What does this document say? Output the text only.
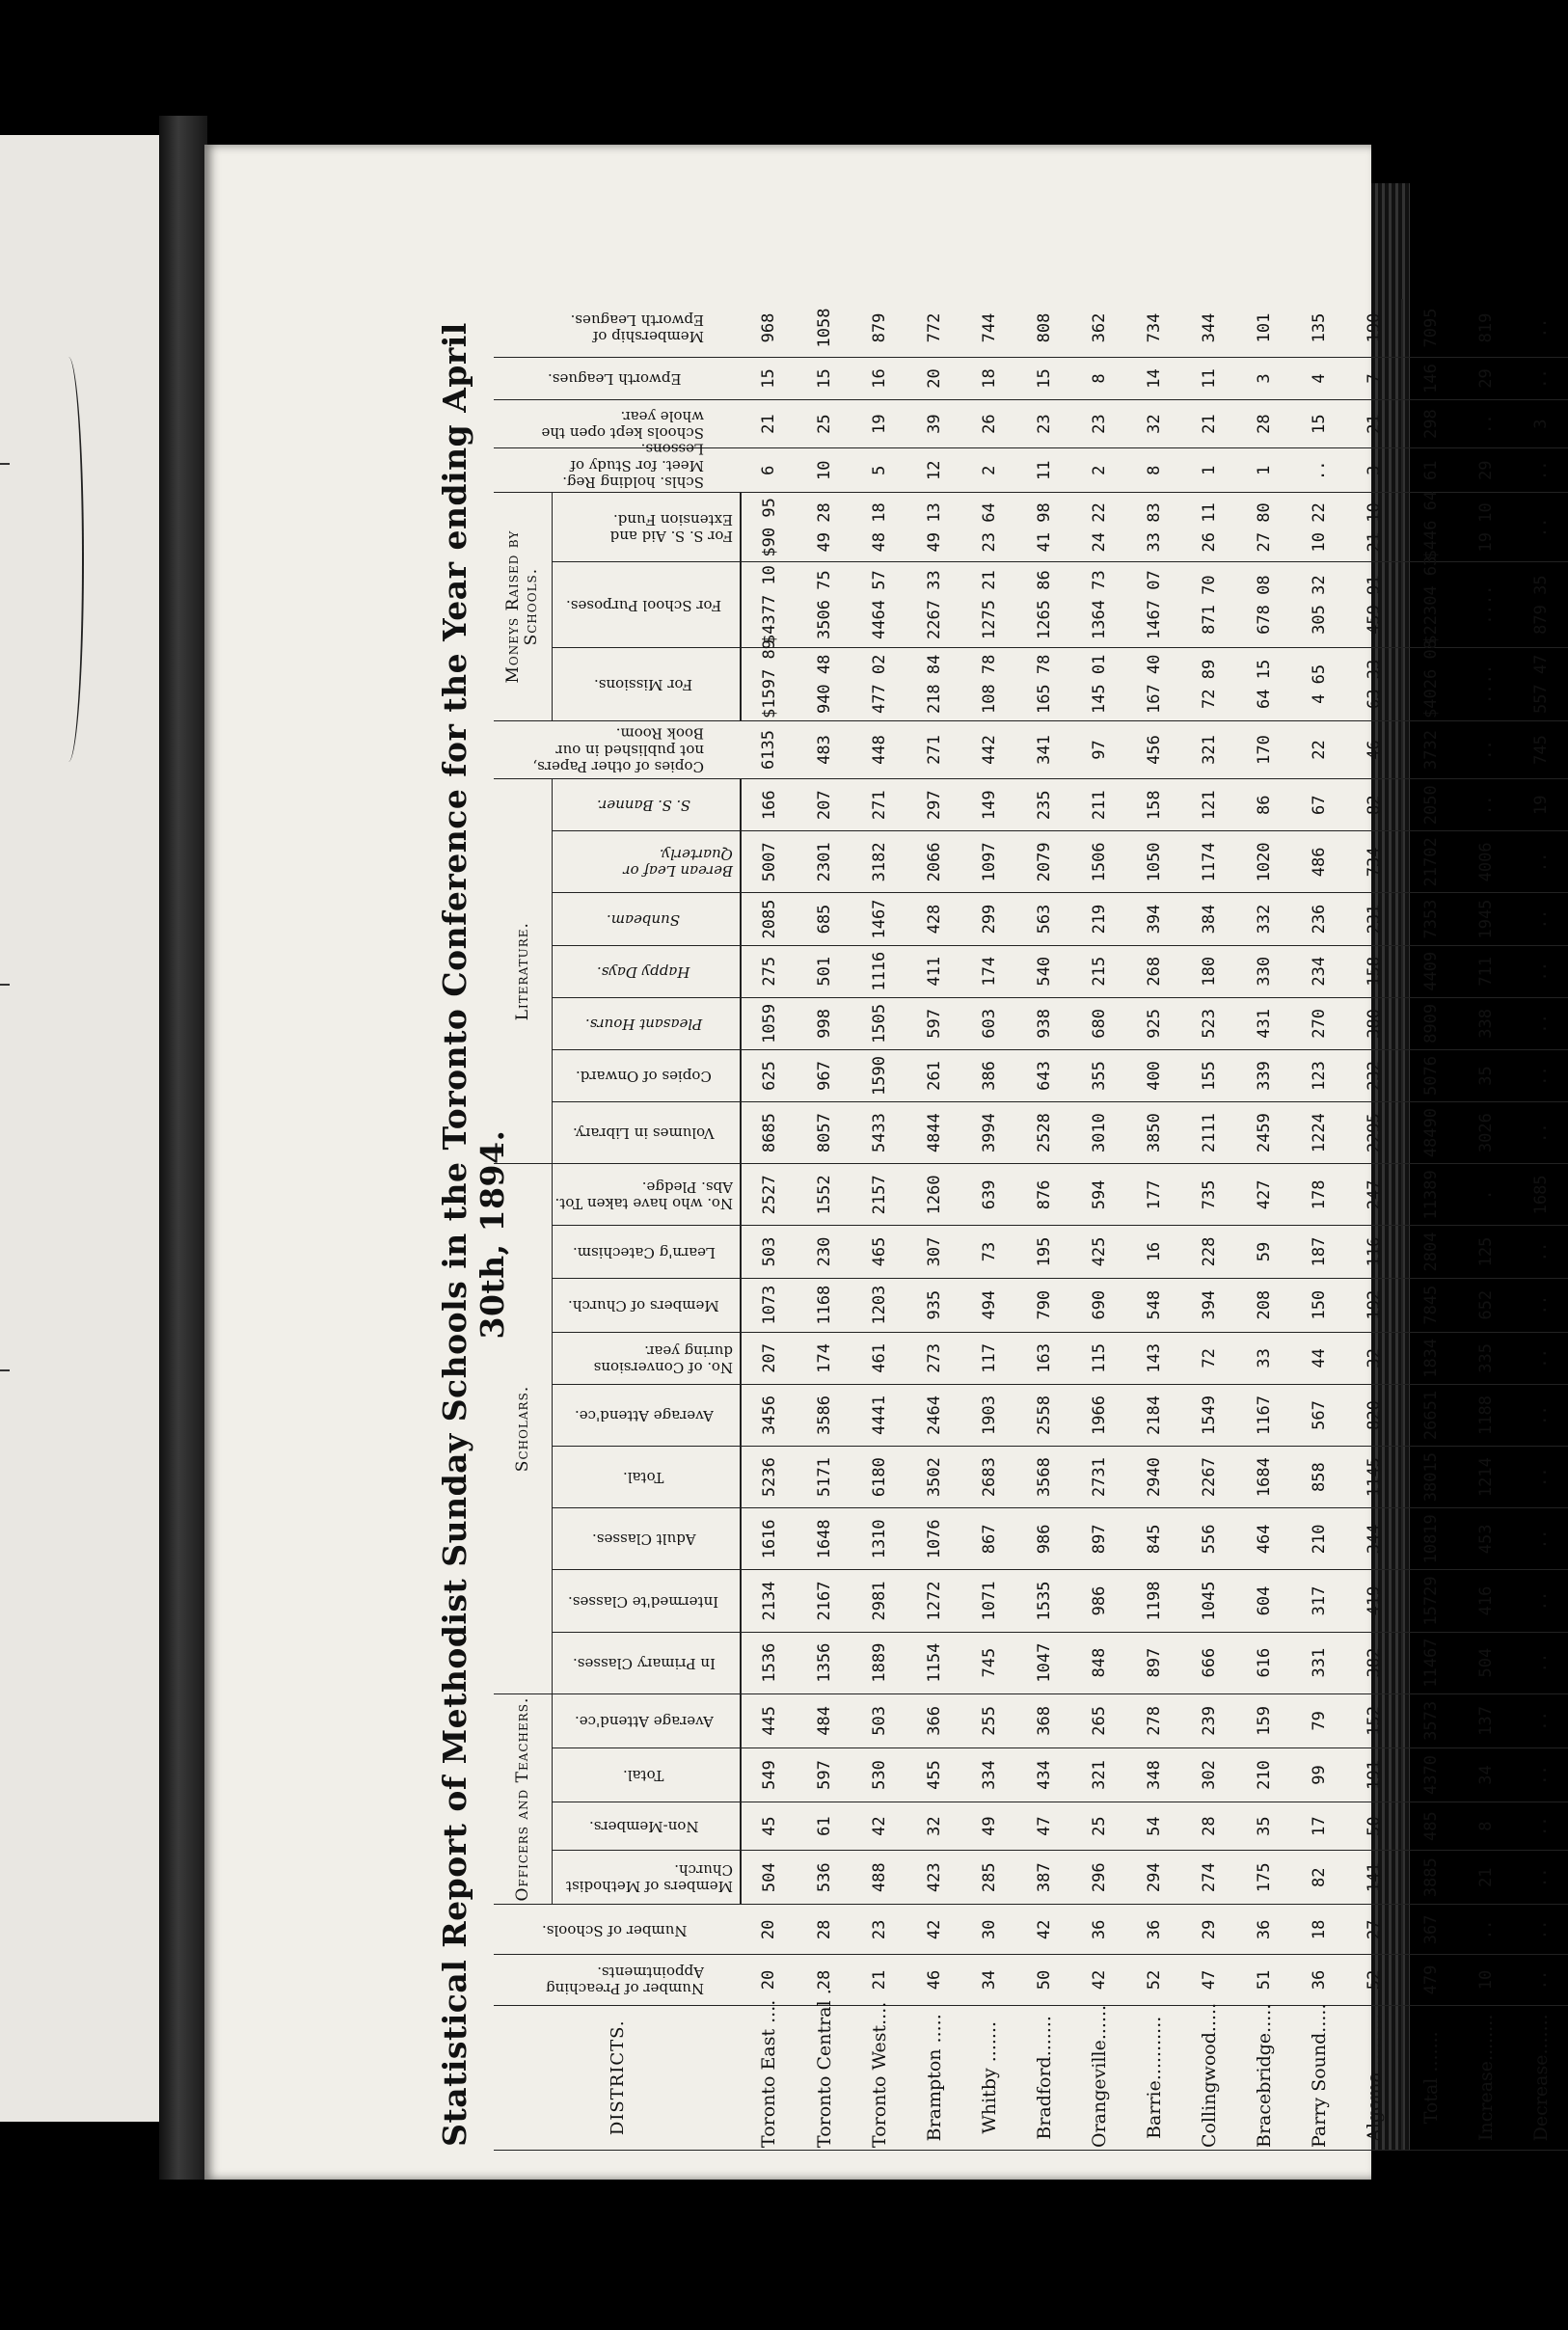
Statistical Report of Methodist Sunday Schools in the Toronto Conference for the Year ending April 30th, 1894.
DISTRICTS.	Number of Preaching Appointments.	Number of Schools.	Officers and Teachers.				Scholars.									Literature.							Copies of other Papers, not published in our Book Room.	Moneys Raised by Schools.			Schls. holding Reg. Meet. for Study of Lessons.	Schools kept open the whole year.	Epworth Leagues.	Membership of Epworth Leagues.
			Members of Methodist Church.	Non-Members.	Total.	Average Attend'ce.	In Primary Classes.	Intermed'te Classes.	Adult Classes.	Total.	Average Attend'ce.	No. of Conversions during year.	Members of Church.	Learn'g Catechism.	No. who have taken Tot. Abs. Pledge.	Volumes in Library.	Copies of Onward.	Pleasant Hours.	Happy Days.	Sunbeam.	Berean Leaf or Quarterly.	S. S. Banner.		For Missions.	For School Purposes.	For S. S. Aid and Extension Fund.				
Toronto East ....	20	20	504	45	549	445	1536	2134	1616	5236	3456	207	1073	503	2527	8685	625	1059	275	2085	5007	166	6135	$1597 89	$4377 10	$90 95	6	21	15	968
Toronto Central .	28	28	536	61	597	484	1356	2167	1648	5171	3586	174	1168	230	1552	8057	967	998	501	685	2301	207	483	940 48	3506 75	49 28	10	25	15	1058
Toronto West....	21	23	488	42	530	503	1889	2981	1310	6180	4441	461	1203	465	2157	5433	1590	1505	1116	1467	3182	271	448	477 02	4464 57	48 18	5	19	16	879
Brampton .....	46	42	423	32	455	366	1154	1272	1076	3502	2464	273	935	307	1260	4844	261	597	411	428	2066	297	271	218 84	2267 33	49 13	12	39	20	772
Whitby .......	34	30	285	49	334	255	745	1071	867	2683	1903	117	494	73	639	3994	386	603	174	299	1097	149	442	108 78	1275 21	23 64	2	26	18	744
Bradford.......	50	42	387	47	434	368	1047	1535	986	3568	2558	163	790	195	876	2528	643	938	540	563	2079	235	341	165 78	1265 86	41 98	11	23	15	808
Orangeville......	42	36	296	25	321	265	848	986	897	2731	1966	115	690	425	594	3010	355	680	215	219	1506	211	97	145 01	1364 73	24 22	2	23	8	362
Barrie...........	52	36	294	54	348	278	897	1198	845	2940	2184	143	548	16	177	3850	400	925	268	394	1050	158	456	167 40	1467 07	33 83	8	32	14	734
Collingwood.....	47	29	274	28	302	239	666	1045	556	2267	1549	72	394	228	735	2111	155	523	180	384	1174	121	321	72 89	871 70	26 11	1	21	11	344
Bracebridge.....	51	36	175	35	210	159	616	604	464	1684	1167	33	208	59	427	2459	339	431	330	332	1020	86	170	64 15	678 08	27 80	1	28	3	101
Parry Sound.....	36	18	82	17	99	79	331	317	210	858	567	44	150	187	178	1224	123	270	234	236	486	67	22	4 65	305 32	10 22	..	15	4	135
Algoma .........	52	27	141	50	191	152	382	419	344	1145	820	32	192	116	247	2295	232	380	158	231	734	82	46	63 33	459 91	21 10	3	21	7	190
Total .......	479	367	3885	485	4370	3573	11467	15729	10819	38015	26651	1834	7845	2804	11389	48490	5076	8909	4409	7353	21702	2050	3732	$4026 08	$22304 63	$446 64	61	298	146	7095
Increase........	10	..	21	8	34	137	504	416	453	1214	1188	335	652	125	.	3026	35	338	711	1945	4006	..	..	....	....	19 10	29	..	29	819
Decrease.......	..	..	..	..	..	..	..	..	..	..	..	..	..	..	1685	..	..	..	..	..	..	19	745	557 47	879 35	..	..	3	..	..
